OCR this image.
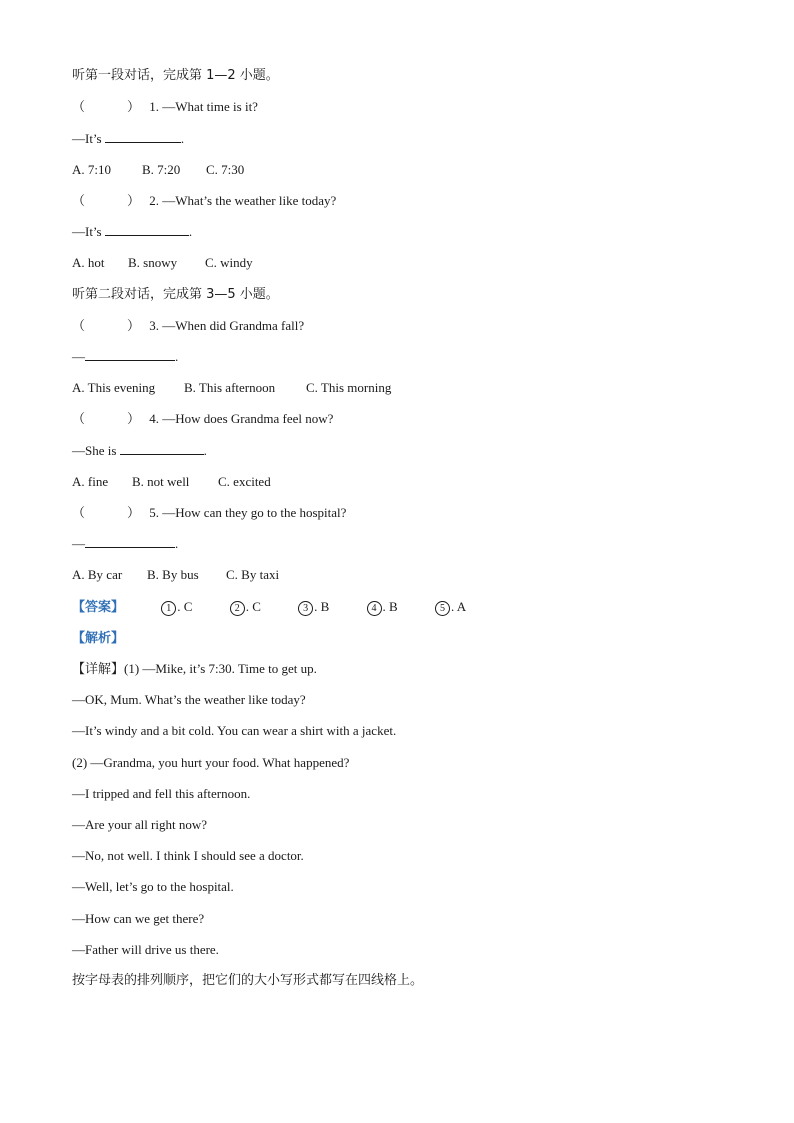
听第一段对话，完成第 1—2 小题。
（	） 1. —What time is it?
—It’s	.
A. 7:10 B. 7:20 C. 7:30
（	） 2. —What’s the weather like today?
—It’s	.
A. hot B. snowy C. windy
听第二段对话，完成第 3—5 小题。
（	） 3. —When did Grandma fall?
—	.
A. This evening B. This afternoon C. This morning
（	） 4. —How does Grandma feel now?
—She is	.
A. fine B. not well C. excited
（	） 5. —How can they go to the hospital?
—	.
A. By car B. By bus C. By taxi
【答案】	1 . C	2 . C	3 . B	4 . B	5 . A
【解析】
【详解】(1) —Mike, it’s 7:30. Time to get up.
—OK, Mum. What’s the weather like today?
—It’s windy and a bit cold. You can wear a shirt with a jacket.
(2) —Grandma, you hurt your food. What happened?
—I tripped and fell this afternoon.
—Are your all right now?
—No, not well. I think I should see a doctor.
—Well, let’s go to the hospital.
—How can we get there?
—Father will drive us there.
按字母表的排列顺序，把它们的大小写形式都写在四线格上。
